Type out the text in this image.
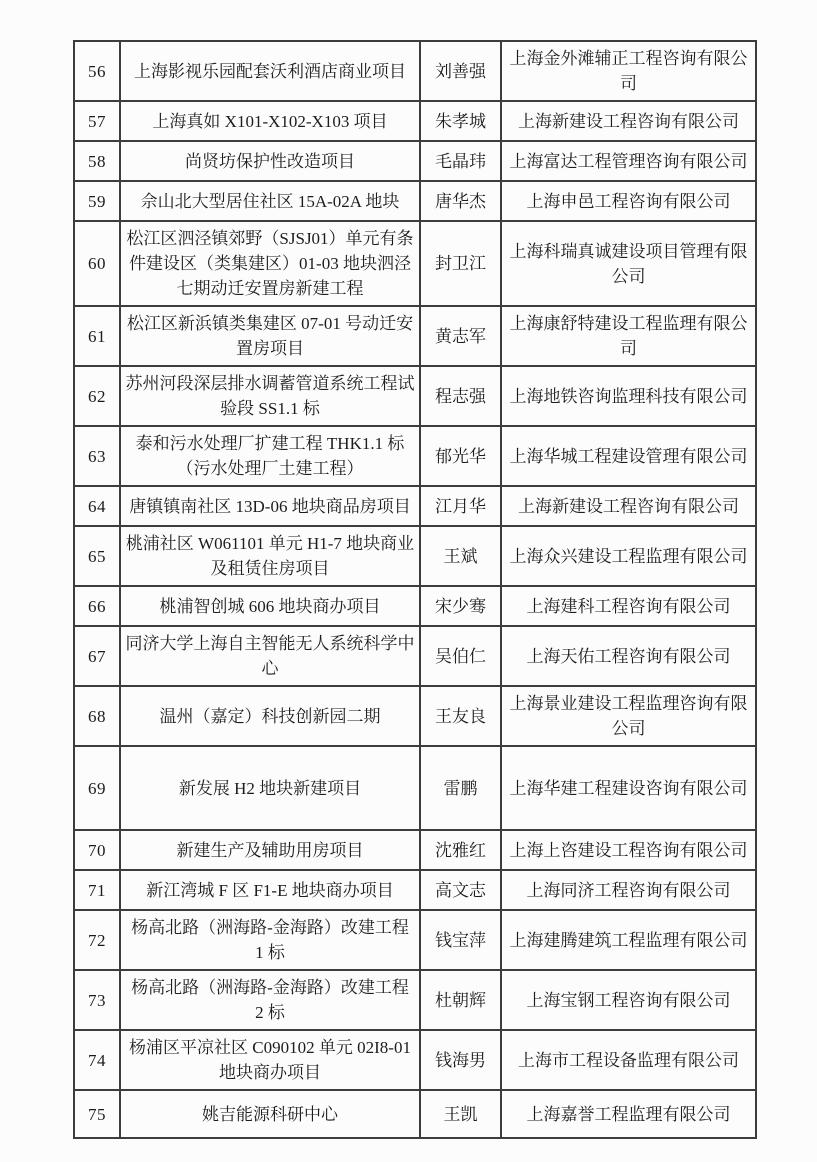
56	上海影视乐园配套沃利酒店商业项目	刘善强	上海金外滩辅正工程咨询有限公司
57	上海真如 X101-X102-X103 项目	朱孝城	上海新建设工程咨询有限公司
58	尚贤坊保护性改造项目	毛晶玮	上海富达工程管理咨询有限公司
59	佘山北大型居住社区 15A-02A 地块	唐华杰	上海申邑工程咨询有限公司
60	松江区泗泾镇郊野（SJSJ01）单元有条件建设区（类集建区）01-03 地块泗泾七期动迁安置房新建工程	封卫江	上海科瑞真诚建设项目管理有限公司
61	松江区新浜镇类集建区 07-01 号动迁安置房项目	黄志军	上海康舒特建设工程监理有限公司
62	苏州河段深层排水调蓄管道系统工程试验段 SS1.1 标	程志强	上海地铁咨询监理科技有限公司
63	泰和污水处理厂扩建工程 THK1.1 标（污水处理厂土建工程）	郁光华	上海华城工程建设管理有限公司
64	唐镇镇南社区 13D-06 地块商品房项目	江月华	上海新建设工程咨询有限公司
65	桃浦社区 W061101 单元 H1-7 地块商业及租赁住房项目	王斌	上海众兴建设工程监理有限公司
66	桃浦智创城 606 地块商办项目	宋少骞	上海建科工程咨询有限公司
67	同济大学上海自主智能无人系统科学中心	吴伯仁	上海天佑工程咨询有限公司
68	温州（嘉定）科技创新园二期	王友良	上海景业建设工程监理咨询有限公司
69	新发展 H2 地块新建项目	雷鹏	上海华建工程建设咨询有限公司
70	新建生产及辅助用房项目	沈雅红	上海上咨建设工程咨询有限公司
71	新江湾城 F 区 F1-E 地块商办项目	高文志	上海同济工程咨询有限公司
72	杨高北路（洲海路-金海路）改建工程 1 标	钱宝萍	上海建腾建筑工程监理有限公司
73	杨高北路（洲海路-金海路）改建工程 2 标	杜朝辉	上海宝钢工程咨询有限公司
74	杨浦区平凉社区 C090102 单元 02I8-01 地块商办项目	钱海男	上海市工程设备监理有限公司
75	姚吉能源科研中心	王凯	上海嘉誉工程监理有限公司
